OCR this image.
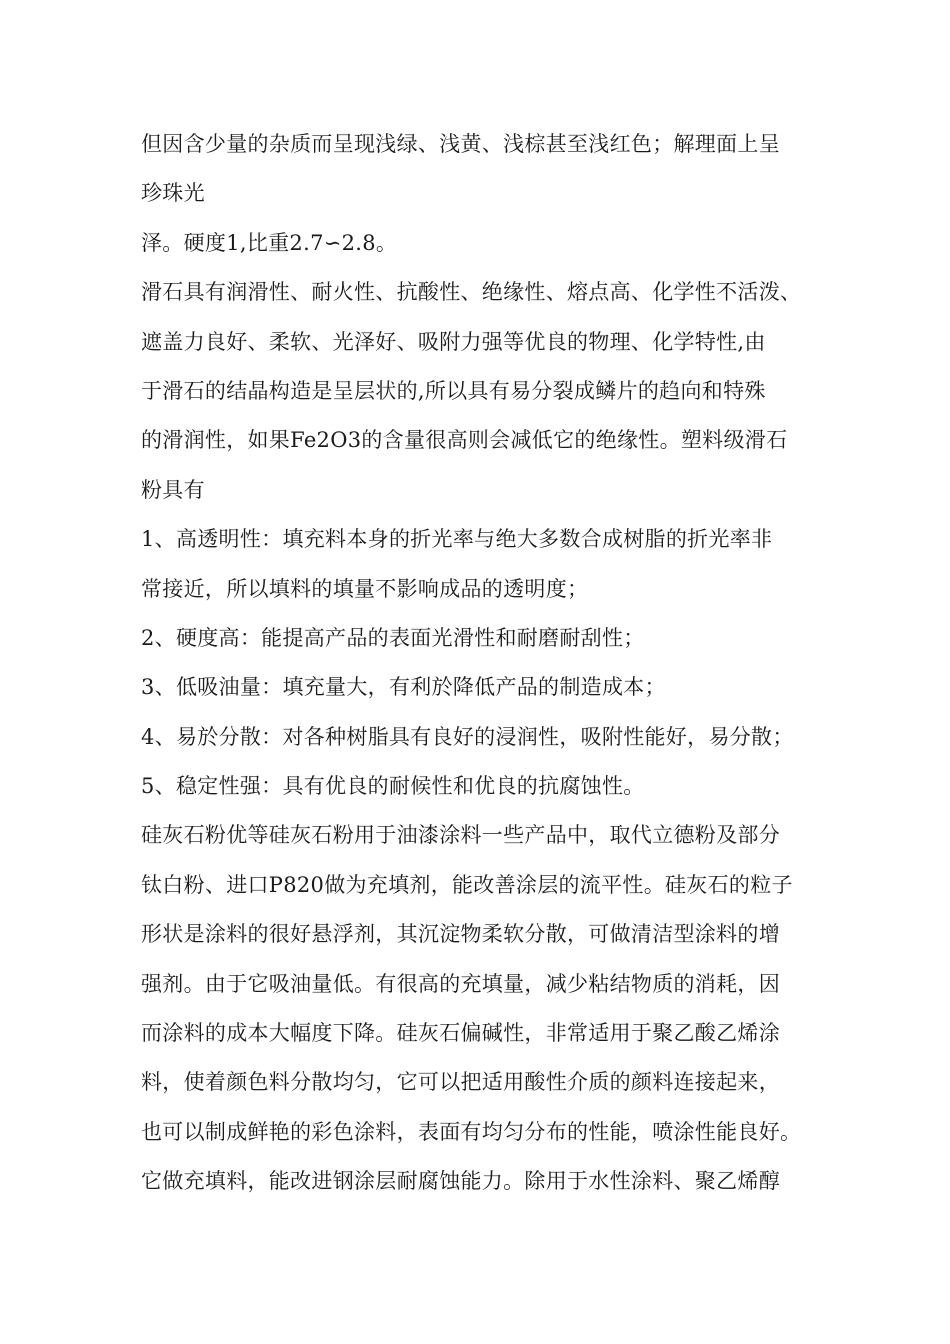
但因含少量的杂质而呈现浅绿、浅黄、浅棕甚至浅红色；解理面上呈
珍珠光
泽。硬度1,比重2.7∽2.8。
滑石具有润滑性、耐火性、抗酸性、绝缘性、熔点高、化学性不活泼、
遮盖力良好、柔软、光泽好、吸附力强等优良的物理、化学特性,由
于滑石的结晶构造是呈层状的,所以具有易分裂成鳞片的趋向和特殊
的滑润性，如果Fe2O3的含量很高则会减低它的绝缘性。塑料级滑石
粉具有
1、高透明性：填充料本身的折光率与绝大多数合成树脂的折光率非
常接近，所以填料的填量不影响成品的透明度；
2、硬度高：能提高产品的表面光滑性和耐磨耐刮性；
3、低吸油量：填充量大，有利於降低产品的制造成本；
4、易於分散：对各种树脂具有良好的浸润性，吸附性能好，易分散；
5、稳定性强：具有优良的耐候性和优良的抗腐蚀性。
硅灰石粉优等硅灰石粉用于油漆涂料一些产品中，取代立德粉及部分
钛白粉、进口P820做为充填剂，能改善涂层的流平性。硅灰石的粒子
形状是涂料的很好悬浮剂，其沉淀物柔软分散，可做清洁型涂料的增
强剂。由于它吸油量低。有很高的充填量，减少粘结物质的消耗，因
而涂料的成本大幅度下降。硅灰石偏碱性，非常适用于聚乙酸乙烯涂
料，使着颜色料分散均匀，它可以把适用酸性介质的颜料连接起来，
也可以制成鲜艳的彩色涂料，表面有均匀分布的性能，喷涂性能良好。
它做充填料，能改进钢涂层耐腐蚀能力。除用于水性涂料、聚乙烯醇
